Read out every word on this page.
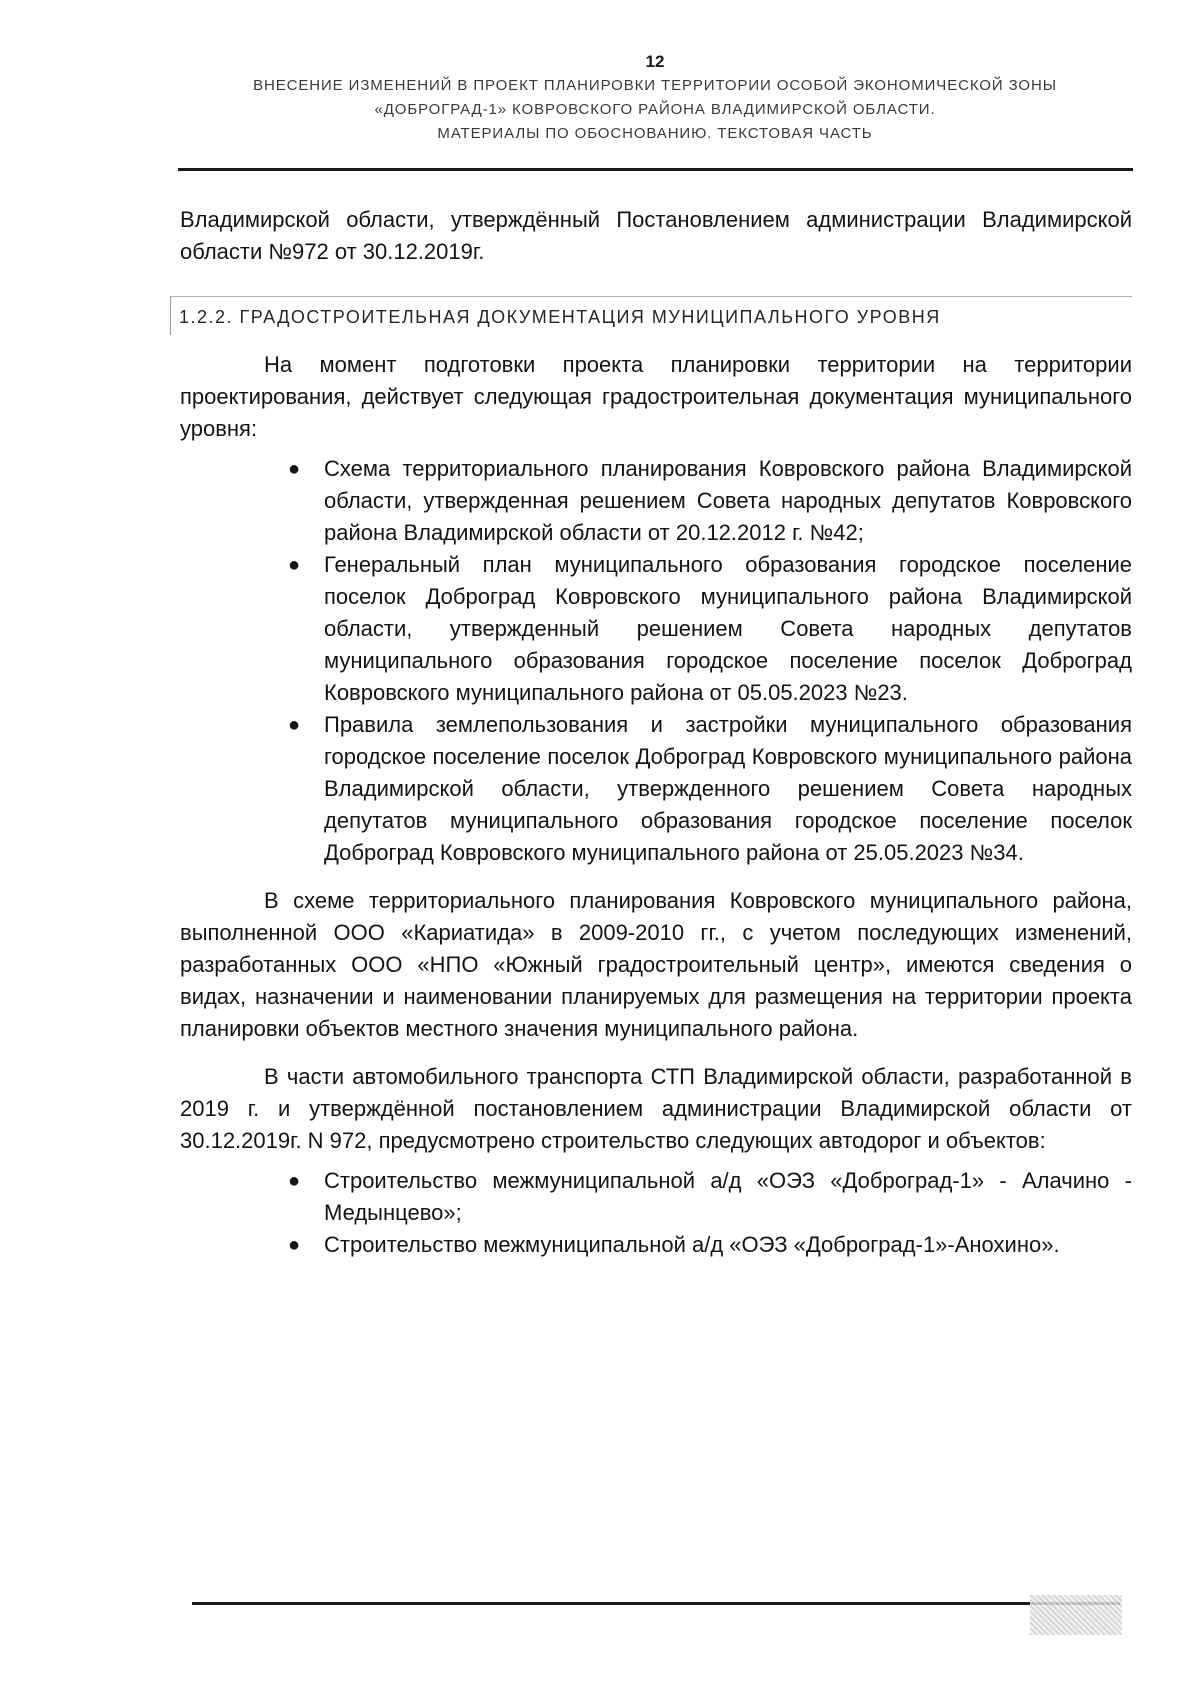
12
ВНЕСЕНИЕ ИЗМЕНЕНИЙ В ПРОЕКТ ПЛАНИРОВКИ ТЕРРИТОРИИ ОСОБОЙ ЭКОНОМИЧЕСКОЙ ЗОНЫ
«ДОБРОГРАД-1» КОВРОВСКОГО РАЙОНА ВЛАДИМИРСКОЙ ОБЛАСТИ.
МАТЕРИАЛЫ ПО ОБОСНОВАНИЮ. ТЕКСТОВАЯ ЧАСТЬ

Владимирской области, утверждённый Постановлением администрации Владимирской области №972 от 30.12.2019г.

1.2.2. ГРАДОСТРОИТЕЛЬНАЯ ДОКУМЕНТАЦИЯ МУНИЦИПАЛЬНОГО УРОВНЯ

На момент подготовки проекта планировки территории на территории проектирования, действует следующая градостроительная документация муниципального уровня:

● Схема территориального планирования Ковровского района Владимирской области, утвержденная решением Совета народных депутатов Ковровского района Владимирской области от 20.12.2012 г. №42;
● Генеральный план муниципального образования городское поселение поселок Доброград Ковровского муниципального района Владимирской области, утвержденный решением Совета народных депутатов муниципального образования городское поселение поселок Доброград Ковровского муниципального района от 05.05.2023 №23.
● Правила землепользования и застройки муниципального образования городское поселение поселок Доброград Ковровского муниципального района Владимирской области, утвержденного решением Совета народных депутатов муниципального образования городское поселение поселок Доброград Ковровского муниципального района от 25.05.2023 №34.

В схеме территориального планирования Ковровского муниципального района, выполненной ООО «Кариатида» в 2009-2010 гг., с учетом последующих изменений, разработанных ООО «НПО «Южный градостроительный центр», имеются сведения о видах, назначении и наименовании планируемых для размещения на территории проекта планировки объектов местного значения муниципального района.

В части автомобильного транспорта СТП Владимирской области, разработанной в 2019 г. и утверждённой постановлением администрации Владимирской области от 30.12.2019г. N 972, предусмотрено строительство следующих автодорог и объектов:

● Строительство межмуниципальной а/д «ОЭЗ «Доброград-1» - Алачино - Медынцево»;
● Строительство межмуниципальной а/д «ОЭЗ «Доброград-1»-Анохино».
